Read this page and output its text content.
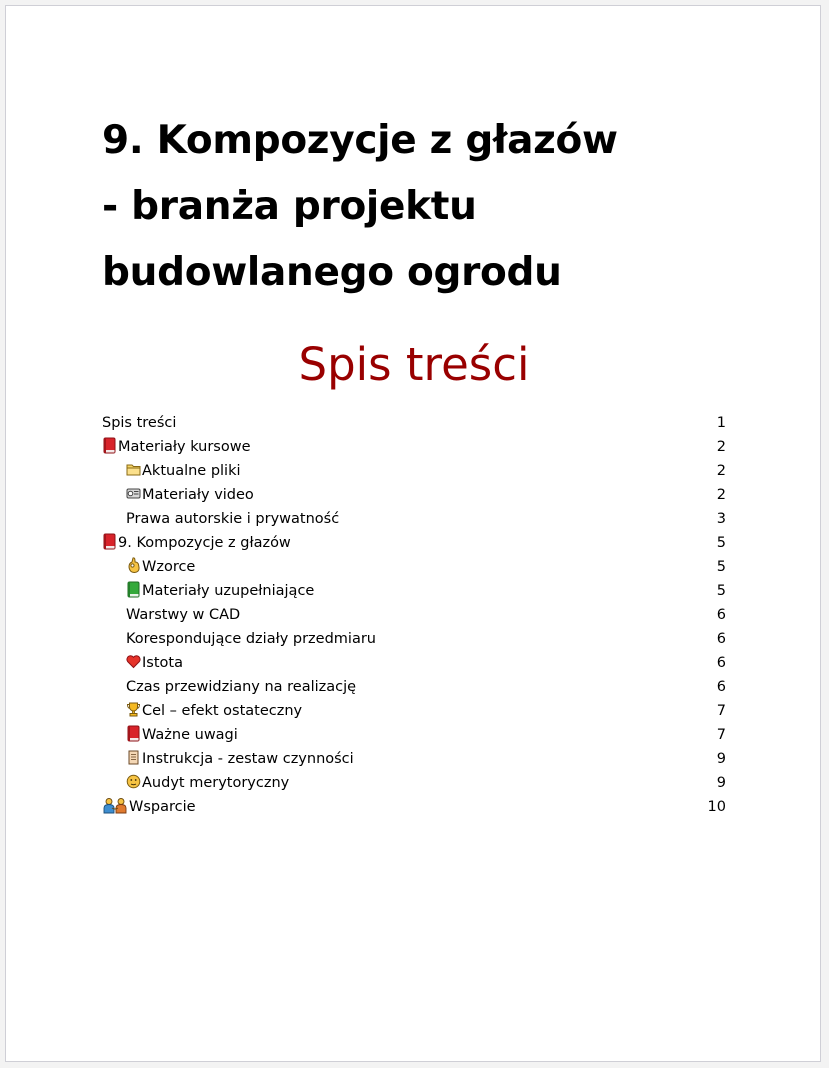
9. Kompozycje z głazów
- branża projektu
budowlanego ogrodu
Spis treści
Spis treści	1
Materiały kursowe	2
Aktualne pliki	2
Materiały video	2
Prawa autorskie i prywatność	3
9. Kompozycje z głazów	5
Wzorce	5
Materiały uzupełniające	5
Warstwy w CAD	6
Korespondujące działy przedmiaru	6
Istota	6
Czas przewidziany na realizację	6
Cel – efekt ostateczny	7
Ważne uwagi	7
Instrukcja - zestaw czynności	9
Audyt merytoryczny	9
Wsparcie	10
